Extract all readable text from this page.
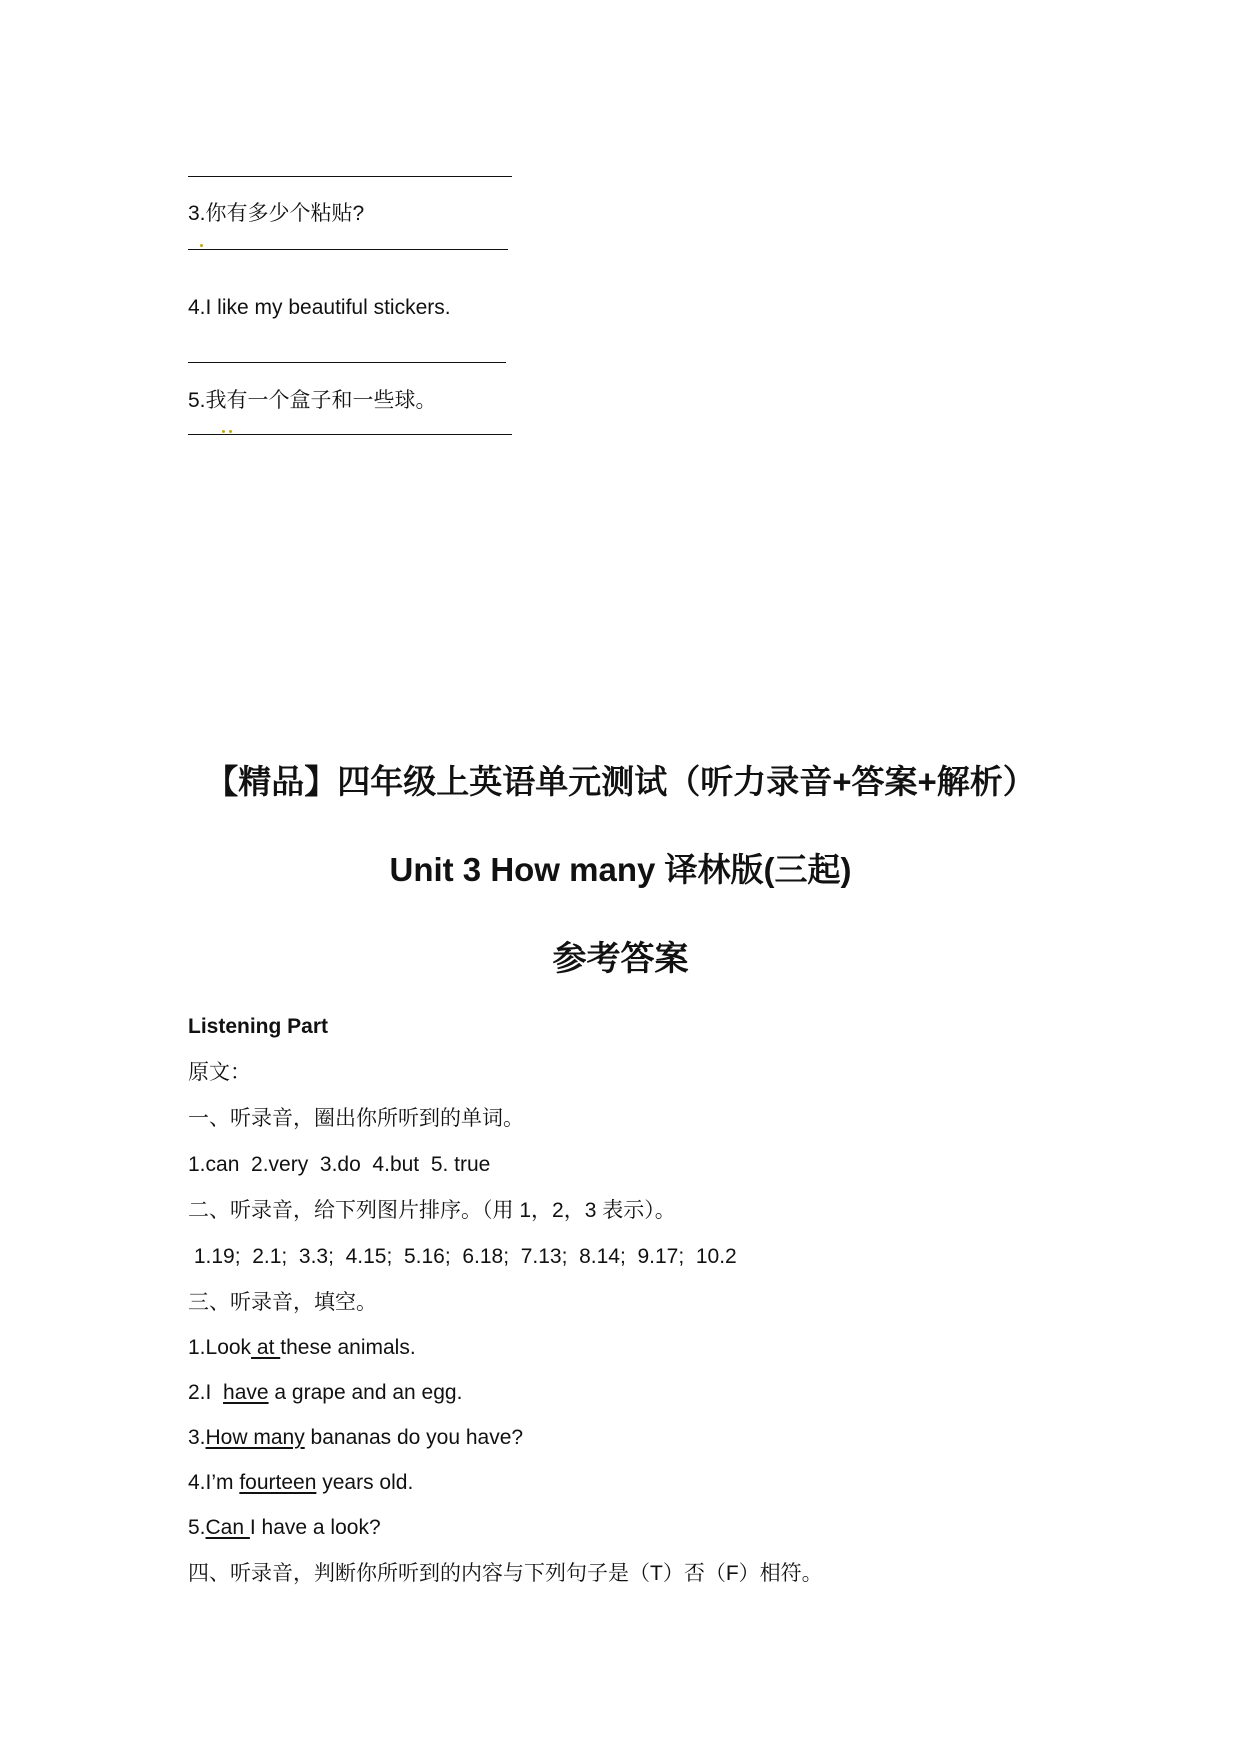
3.你有多少个粘贴?
4.I like my beautiful stickers.
5.我有一个盒子和一些球。
【精品】四年级上英语单元测试（听力录音+答案+解析）
Unit 3 How many 译林版(三起)
参考答案
Listening Part
原文：
一、听录音，圈出你所听到的单词。
1.can  2.very  3.do  4.but  5. true
二、听录音，给下列图片排序。（用 1，2，3 表示）。
1.19;  2.1;  3.3;  4.15;  5.16;  6.18;  7.13;  8.14;  9.17;  10.2
三、听录音，填空。
1.Look at these animals.
2.I  have a grape and an egg.
3.How many bananas do you have?
4.I’m fourteen years old.
5.Can I have a look?
四、听录音，判断你所听到的内容与下列句子是（T）否（F）相符。
